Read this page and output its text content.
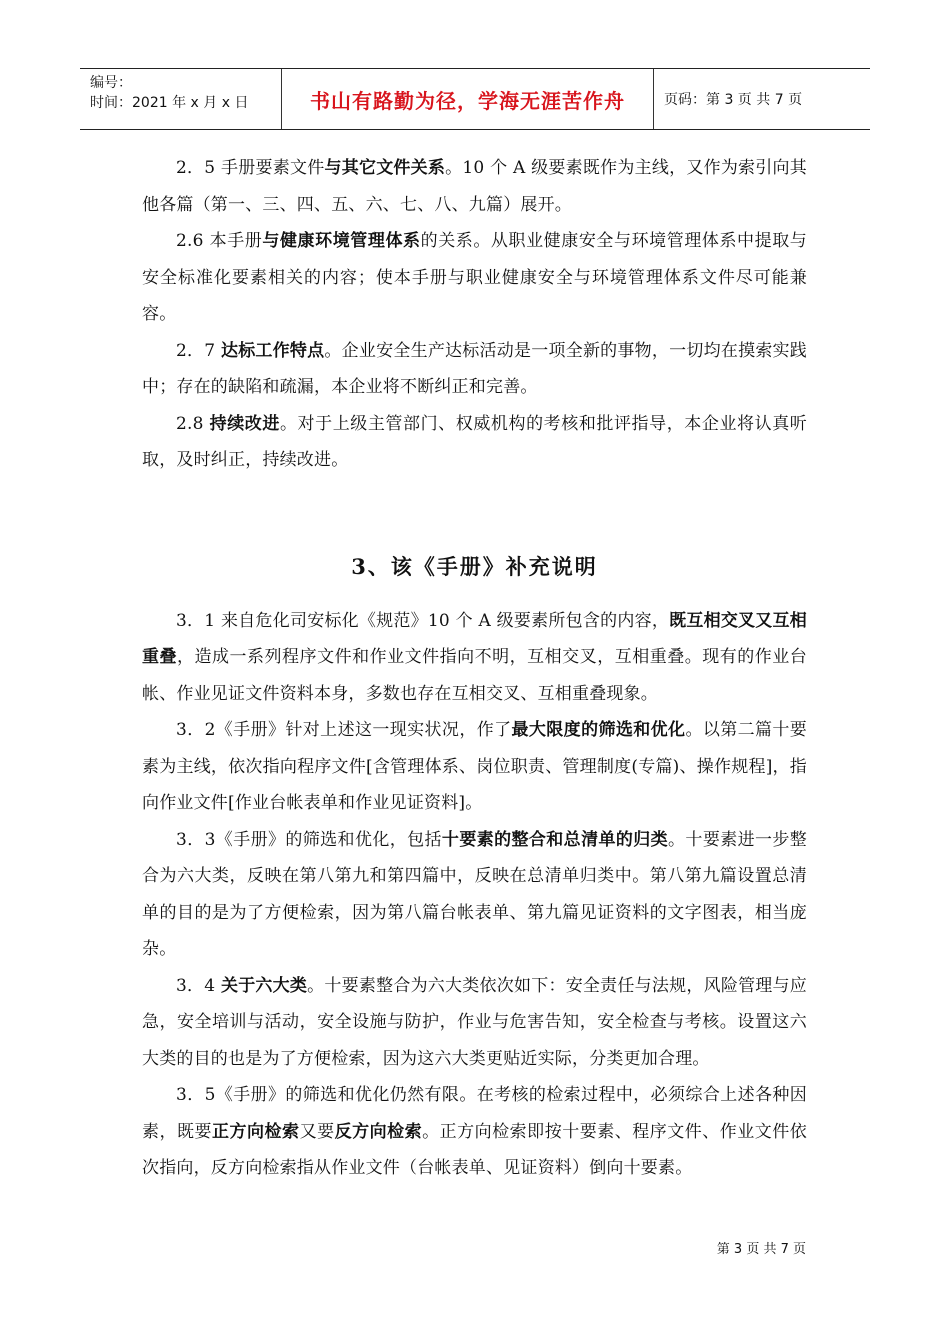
编号：
时间：2021 年 x 月 x 日	书山有路勤为径，学海无涯苦作舟	页码：第 3 页 共 7 页

2．5 手册要素文件与其它文件关系。10 个 A 级要素既作为主线，又作为索引向其他各篇（第一、三、四、五、六、七、八、九篇）展开。

2.6 本手册与健康环境管理体系的关系。从职业健康安全与环境管理体系中提取与安全标准化要素相关的内容；使本手册与职业健康安全与环境管理体系文件尽可能兼容。

2．7 达标工作特点。企业安全生产达标活动是一项全新的事物，一切均在摸索实践中；存在的缺陷和疏漏，本企业将不断纠正和完善。

2.8 持续改进。对于上级主管部门、权威机构的考核和批评指导，本企业将认真听取，及时纠正，持续改进。

3、该《手册》补充说明

3．1 来自危化司安标化《规范》10 个 A 级要素所包含的内容，既互相交叉又互相重叠，造成一系列程序文件和作业文件指向不明，互相交叉，互相重叠。现有的作业台帐、作业见证文件资料本身，多数也存在互相交叉、互相重叠现象。

3．2《手册》针对上述这一现实状况，作了最大限度的筛选和优化。以第二篇十要素为主线，依次指向程序文件[含管理体系、岗位职责、管理制度(专篇)、操作规程]，指向作业文件[作业台帐表单和作业见证资料]。

3．3《手册》的筛选和优化，包括十要素的整合和总清单的归类。十要素进一步整合为六大类，反映在第八第九和第四篇中，反映在总清单归类中。第八第九篇设置总清单的目的是为了方便检索，因为第八篇台帐表单、第九篇见证资料的文字图表，相当庞杂。

3．4 关于六大类。十要素整合为六大类依次如下：安全责任与法规，风险管理与应急，安全培训与活动，安全设施与防护，作业与危害告知，安全检查与考核。设置这六大类的目的也是为了方便检索，因为这六大类更贴近实际，分类更加合理。

3．5《手册》的筛选和优化仍然有限。在考核的检索过程中，必须综合上述各种因素，既要正方向检索又要反方向检索。正方向检索即按十要素、程序文件、作业文件依次指向，反方向检索指从作业文件（台帐表单、见证资料）倒向十要素。

第 3 页 共 7 页
